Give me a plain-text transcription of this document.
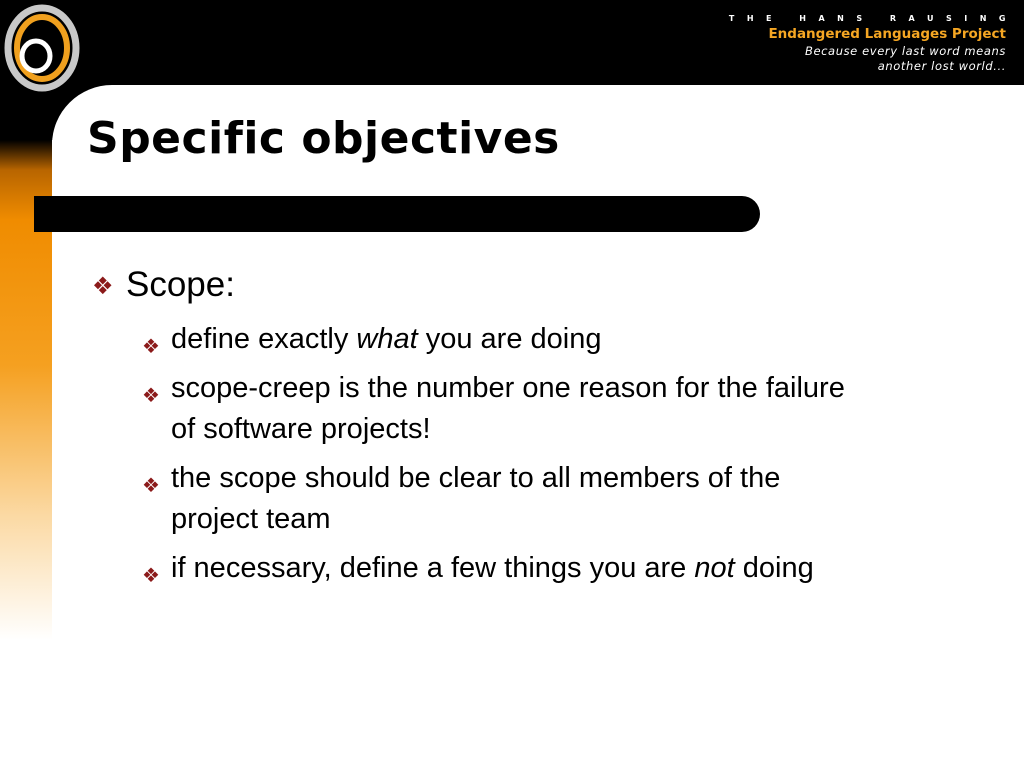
THE HANS RAUSING
Endangered Languages Project
Because every last word means
another lost world...
Specific objectives
❖ Scope:
❖ define exactly what you are doing
❖ scope-creep is the number one reason for the failure
of software projects!
❖ the scope should be clear to all members of the
project team
❖ if necessary, define a few things you are not doing
